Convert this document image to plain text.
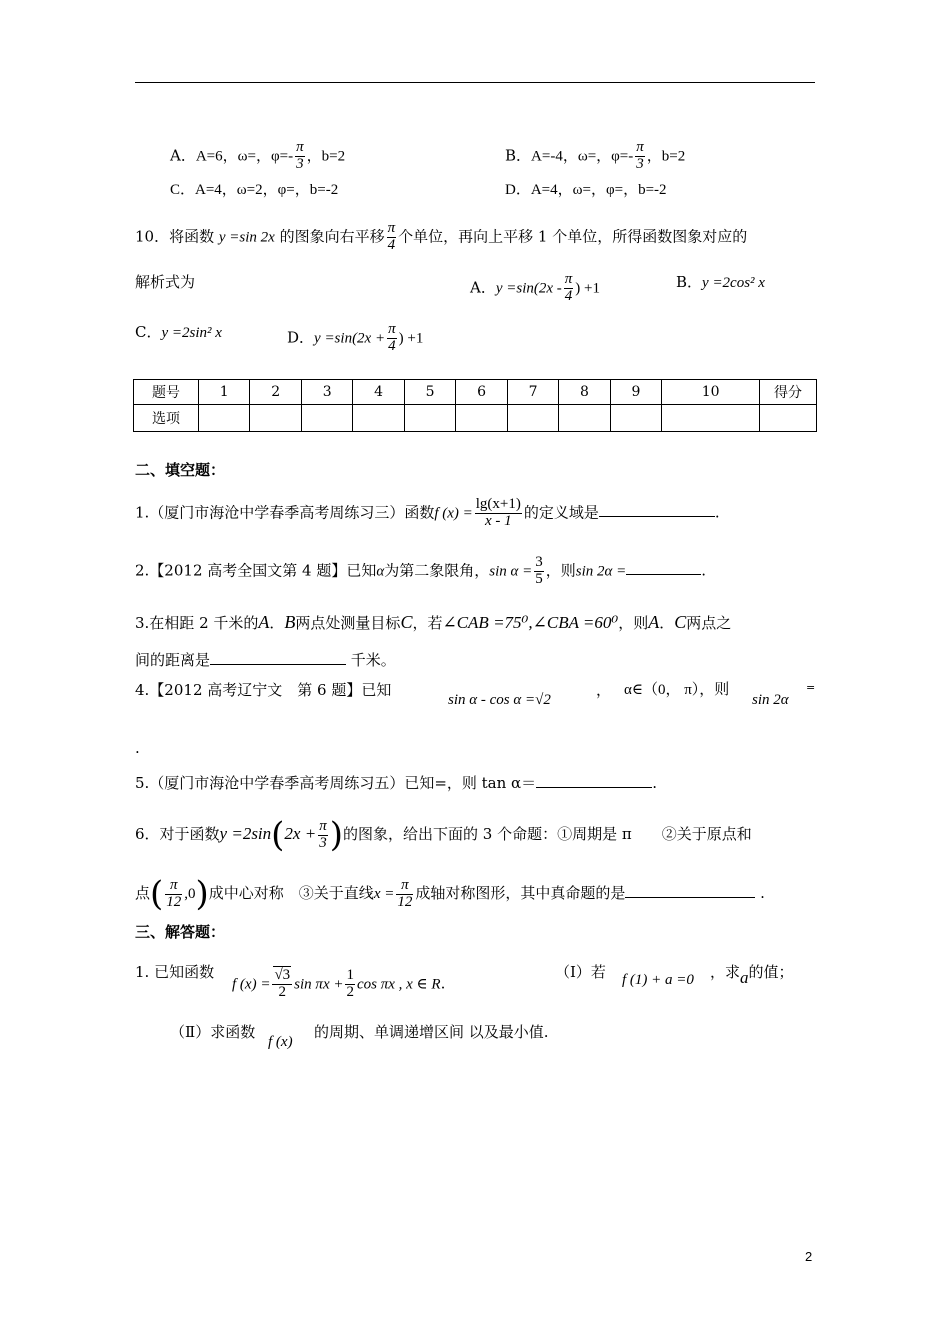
A．A=6，ω=，$\varphi=- \frac{\pi}{3}$ ，b=2	B．A=-4，ω=，$\varphi=- \frac{\pi}{3}$ ，b=2
C．A=4，ω=2，φ=，b=-2	D．A=4，ω=，φ=，b=-2
10．将函数 y =sin 2x 的图象向右平移 $\frac{\pi}{4}$ 个单位，再向上平移 1 个单位，所得函数图象对应的
解析式为	A．$y =\sin(2x - \frac{\pi}{4}$ ) +1	B．y =2cos² x
C．y =2sin² x	D．$y =\sin(2x + \frac{\pi}{4}$ ) +1
题号	1	2	3	4	5	6	7	8	9	10	得分
选项											
二、填空题：
1.（厦门市海沧中学春季高考周练习三）函数f $(x) = \frac{\lg(x+1)}{x - 1}$ 的定义域是	.
2.【2012 高考全国文第 4 题】已知α为第二象限角，$\sin \alpha = \frac{3}{5}$ ，则sin 2α =	.
3.在相距 2 千米的A．B两点处测量目标C，若∠CAB =75⁰,∠CBA =60⁰，则A．C两点之
间的距离是	千米。
4.【2012 高考辽宁文　第 6 题】已知
sin α - cos α =√2
， α∈（0， π），则
sin 2α
=
.
5.（厦门市海沧中学春季高考周练习五）已知=，则 tan α＝	.
6．对于函数$y =2\sin(2x + \frac{\pi}{3}$ )的图象，给出下面的 3 个命题：①周期是 π　　②关于原点和
点( $\frac{\pi}{12} ,0$)成中心对称　③关于直线$x = \frac{\pi}{12}$ 成轴对称图形，其中真命题的是	.
三、解答题：
1. 已知函数
f $(x) = \frac{√3}{2}$ $\sin \pi x + \frac{1}{2}$ cos πx , x ∈ R.
（Ⅰ）若 f (1) + a =0 ，求a的值；
（Ⅱ）求函数
f (x)
的周期、单调递增区间 以及最小值.
2
